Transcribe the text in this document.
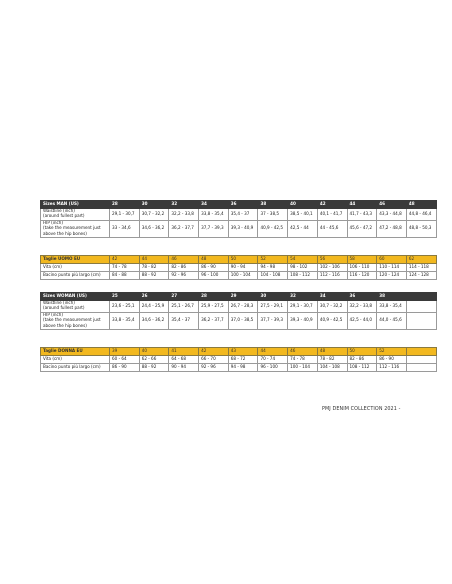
Sizes MAN (US)	28	30	32	34	36	38	40	42	44	46	48
Waistline (inch)
(around fullest part)	29,1 - 30,7	30,7 - 32,2	32,2 - 33,8	33,8 - 35,4	35,4 - 37	37 - 38,5	38,5 - 40,1	40,1 - 41,7	41,7 - 43,3	43,3 - 44,8	44,8 - 46,4
HIP (inch)
(take the measurement just above the hip bones)	33 - 34,6	34,6 - 36,2	36,2 - 37,7	37,7 - 39,3	39,3 - 40,9	40,9 - 42,5	42,5 - 44	44 - 45,6	45,6 - 47,2	47,2 - 48,8	48,8 - 50,3
Taglie UOMO EU	42	44	46	48	50	52	54	56	58	60	62
Vita (cm)	74 - 78	78 - 82	82 - 86	86 - 90	90 - 94	94 - 98	98 - 102	102 - 106	106 - 110	110 - 114	114 - 118
Bacino punto più largo (cm)	84 - 88	88 - 92	92 - 96	96 - 100	100 - 104	104 - 108	108 - 112	112 - 116	116 - 120	120 - 124	124 - 128
Sizes WOMAN (US)	25	26	27	28	29	30	32	34	36	38	
Waistline (inch)
(around fullest part)	23,6 - 25,1	24,4 - 25,9	25,1 - 26,7	25,9 - 27,5	26,7 - 28,3	27,5 - 29,1	29,1 - 30,7	30,7 - 32,2	32,2 - 33,8	33,8 - 35,4	
HIP (inch)
(take the measurement just above the hip bones)	33,8 - 35,4	34,6 - 36,2	35,4 - 37	36,2 - 37,7	37,0 - 38,5	37,7 - 39,3	39,3 - 40,9	40,9 - 42,5	42,5 - 44,0	44,0 - 45,6	
Taglie DONNA EU	39	40	41	42	43	44	46	48	50	52	
Vita (cm)	60 - 64	62 - 66	64 - 68	66 - 70	68 - 72	70 - 74	74 - 78	78 - 82	82 - 86	86 - 90	
Bacino punto più largo (cm)	86 - 90	88 - 92	90 - 94	92 - 96	94 - 98	96 - 100	100 - 104	104 - 108	108 - 112	112 - 116	
PMJ DENIM COLLECTION 2021 -
